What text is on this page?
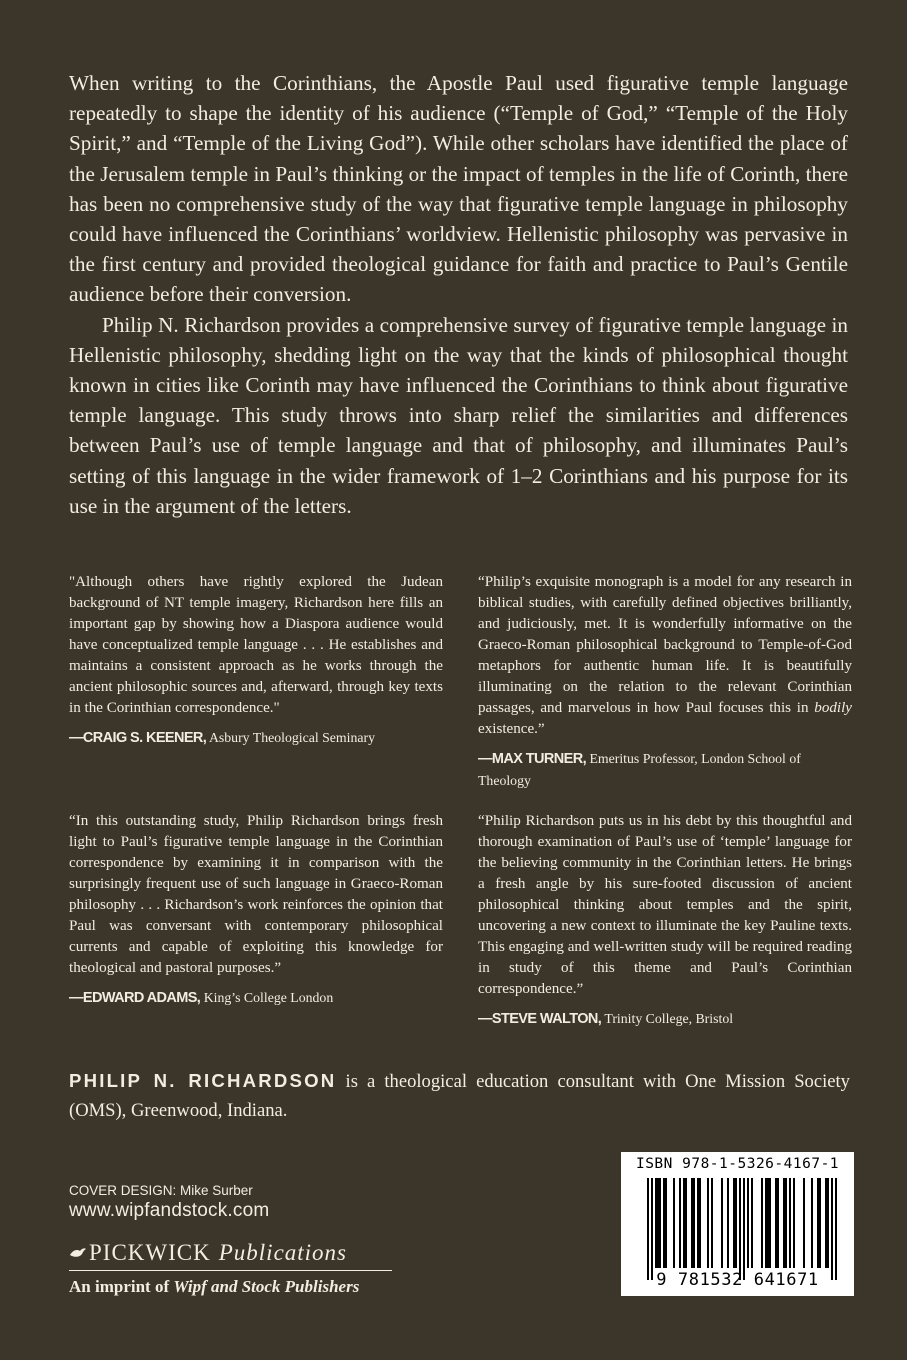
When writing to the Corinthians, the Apostle Paul used figurative temple language repeatedly to shape the identity of his audience (“Temple of God,” “Temple of the Holy Spirit,” and “Temple of the Living God”). While other scholars have identified the place of the Jerusalem temple in Paul’s thinking or the impact of temples in the life of Corinth, there has been no comprehensive study of the way that figurative temple language in philosophy could have influenced the Corinthians’ worldview. Hellenistic philosophy was pervasive in the first century and provided theological guidance for faith and practice to Paul’s Gentile audience before their conversion.

Philip N. Richardson provides a comprehensive survey of figurative temple language in Hellenistic philosophy, shedding light on the way that the kinds of philosophical thought known in cities like Corinth may have influenced the Corinthians to think about figurative temple language. This study throws into sharp relief the similarities and differences between Paul’s use of temple language and that of philosophy, and illuminates Paul’s setting of this language in the wider framework of 1–2 Corinthians and his purpose for its use in the argument of the letters.

"Although others have rightly explored the Judean background of NT temple imagery, Richardson here fills an important gap by showing how a Diaspora audience would have conceptualized temple language . . . He establishes and maintains a consistent approach as he works through the ancient philosophic sources and, afterward, through key texts in the Corinthian correspondence."
—CRAIG S. KEENER, Asbury Theological Seminary
“Philip’s exquisite monograph is a model for any research in biblical studies, with carefully defined objectives brilliantly, and judiciously, met. It is wonderfully informative on the Graeco-Roman philosophical background to Temple-of-God metaphors for authentic human life. It is beautifully illuminating on the relation to the relevant Corinthian passages, and marvelous in how Paul focuses this in bodily existence.”
—MAX TURNER, Emeritus Professor, London School of Theology
“In this outstanding study, Philip Richardson brings fresh light to Paul’s figurative temple language in the Corinthian correspondence by examining it in comparison with the surprisingly frequent use of such language in Graeco-Roman philosophy . . . Richardson’s work reinforces the opinion that Paul was conversant with contemporary philosophical currents and capable of exploiting this knowledge for theological and pastoral purposes.”
—EDWARD ADAMS, King’s College London
“Philip Richardson puts us in his debt by this thoughtful and thorough examination of Paul’s use of ‘temple’ language for the believing community in the Corinthian letters. He brings a fresh angle by his sure-footed discussion of ancient philosophical thinking about temples and the spirit, uncovering a new context to illuminate the key Pauline texts. This engaging and well-written study will be required reading in study of this theme and Paul’s Corinthian correspondence.”
—STEVE WALTON, Trinity College, Bristol

PHILIP N. RICHARDSON is a theological education consultant with One Mission Society (OMS), Greenwood, Indiana.

COVER DESIGN: Mike Surber
www.wipfandstock.com
PICKWICK Publications
An imprint of Wipf and Stock Publishers
ISBN 978-1-5326-4167-1
9 781532 641671
